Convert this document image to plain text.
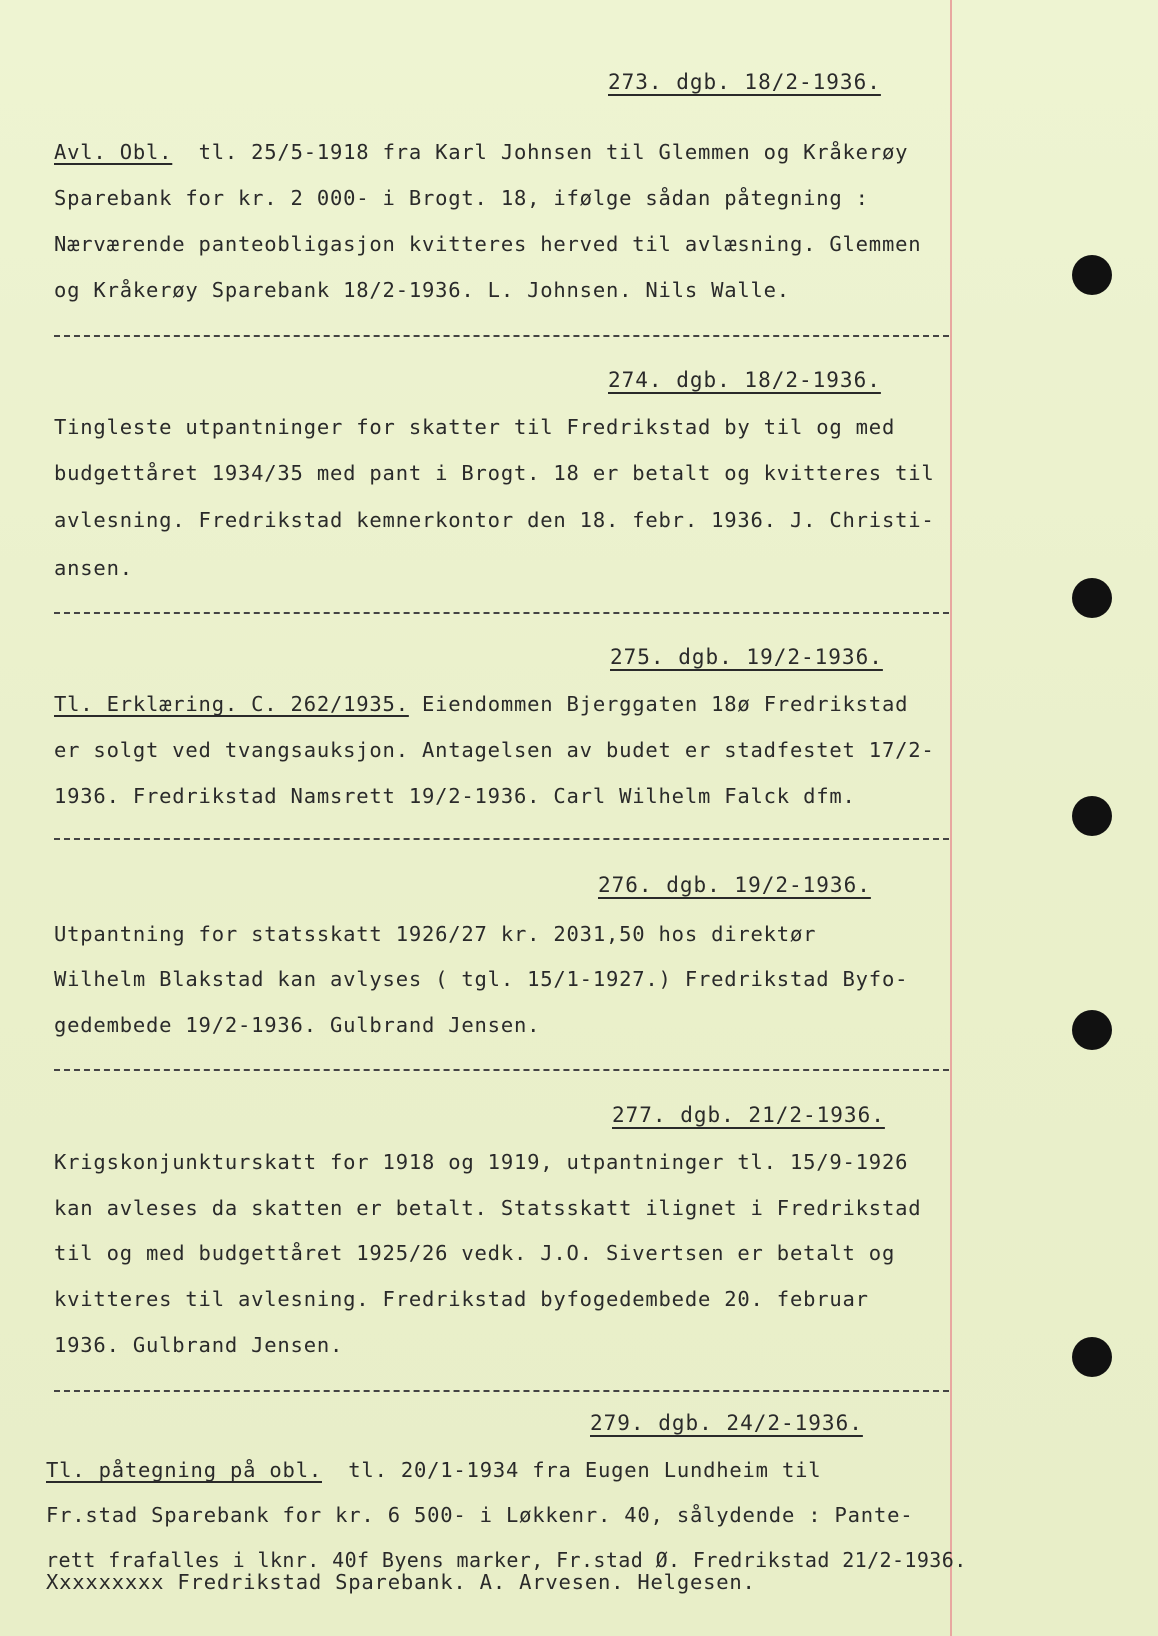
273. dgb. 18/2-1936.
Avl. Obl. tl. 25/5-1918 fra Karl Johnsen til Glemmen og Kråkerøy
Sparebank for kr. 2 000- i Brogt. 18, ifølge sådan påtegning :
Nærværende panteobligasjon kvitteres herved til avlæsning. Glemmen
og Kråkerøy Sparebank 18/2-1936. L. Johnsen. Nils Walle.
274. dgb. 18/2-1936.
Tingleste utpantninger for skatter til Fredrikstad by til og med
budgettåret 1934/35 med pant i Brogt. 18 er betalt og kvitteres til
avlesning. Fredrikstad kemnerkontor den 18. febr. 1936. J. Christi-
ansen.
275. dgb. 19/2-1936.
Tl. Erklæring. C. 262/1935. Eiendommen Bjerggaten 18ø Fredrikstad
er solgt ved tvangsauksjon. Antagelsen av budet er stadfestet 17/2-
1936. Fredrikstad Namsrett 19/2-1936. Carl Wilhelm Falck dfm.
276. dgb. 19/2-1936.
Utpantning for statsskatt 1926/27 kr. 2031,50 hos direktør
Wilhelm Blakstad kan avlyses ( tgl. 15/1-1927.) Fredrikstad Byfo-
gedembede 19/2-1936. Gulbrand Jensen.
277. dgb. 21/2-1936.
Krigskonjunkturskatt for 1918 og 1919, utpantninger tl. 15/9-1926
kan avleses da skatten er betalt. Statsskatt ilignet i Fredrikstad
til og med budgettåret 1925/26 vedk. J.O. Sivertsen er betalt og
kvitteres til avlesning. Fredrikstad byfogedembede 20. februar
1936. Gulbrand Jensen.
279. dgb. 24/2-1936.
Tl. påtegning på obl. tl. 20/1-1934 fra Eugen Lundheim til
Fr.stad Sparebank for kr. 6 500- i Løkkenr. 40, sålydende : Pante-
rett frafalles i lknr. 40f Byens marker, Fr.stad Ø. Fredrikstad 21/2-1936.
Xxxxxxxxx Fredrikstad Sparebank. A. Arvesen. Helgesen.
